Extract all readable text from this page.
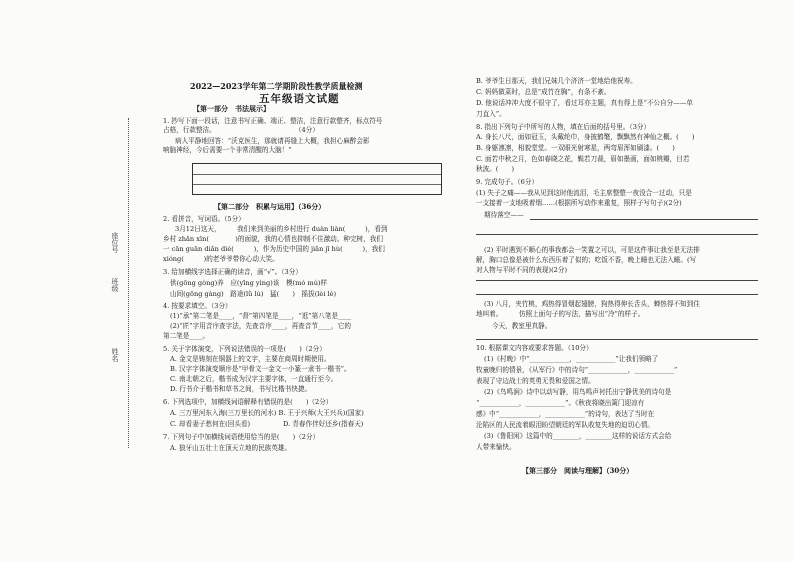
座位号
班级
姓名
2022—2023学年第二学期阶段性教学质量检测
五年级语文试题
【第一部分　书法展示】
1. 抄写下面一段话，注意书写正确、端正、整洁，注意行款整齐，标点符号
占格，行款整洁。　　　　　　　　　　　　　（4分）
病人平静地回答：“沃克医生，那就请再缝上大概，我担心麻醉会影
响脑神经，今后需要一个非常清醒的大脑！”
【第二部分　积累与运用】（36分）
2. 看拼音，写词语。（5分）
3月12日这天，　　　我们来到美丽的乡村进行 duàn liàn(　　　)，看到
乡村 zhǎn xīn(　　　　)的面貌，我的心情也抑制不住激动。种完树，我们
一 cān guān diǎn dié(　　　)，作为历史中国的 jiǎn jī hù(　　　)，我们
xióng(　　　)的老爷爷带你心动大笑。
3. 给加横线字选择正确的读音，画“√”。（3分）
供(gōng gòng)养　应(yīng yìng)该　模(mó mú)样
山间(gōng gàng)　路途(lǜ lù)　猛(　　)　摇拔(lèi lè)
4. 按要求填空。（3分）
(1)“承”第二笔是____，“督”第四笔是____，“逛”第八笔是____
(2)“匠”字用音序查字法，先查音序____，再查音节____，它的
第二笔是____。
5. 关于字体演变，下列说法错误的一项是(　　)（2分）
A. 金文是铸刻在铜器上的文字，主要在商周时期使用。
B. 汉字字体演变顺序是“甲骨文一金文一小篆一隶书一楷书”。
C. 南北朝之后，楷书成为汉字主要字体，一直通行至今。
D. 行书介于楷书和草书之间，书写比楷书快捷。
6. 下列选项中，加横线词语解释有错误的是(　　)（2分）
A. 三万里河东入海(三万里长的河水) B. 王于兴师(大王兴兵)(国家)
C. 却看妻子愁何在(回头看)　　　　　D. 青春作伴好还乡(指春天)
7. 下列句子中加横线词语使用恰当的是(　　)（2分）
A. 狼牙山五壮士在顶天立地的民族英雄。
B. 爷爷生日那天，我们兄妹几个济济一堂地给他祝寿。
C. 妈妈做菜时，总是“成竹在胸”，有条不紊。
D. 他说话冲冲大度不很守了，看过耳亦主题，真有得上是“不公自分——单
刀直入”。
8. 指出下列句子中所写的人物，填在后面的括号里。（3分）
A. 身长八尺，面如冠玉，头戴纶巾，身披鹤氅，飘飘然有神仙之概。(　　)
B. 身躯凛凛，相貌堂堂。一双眼光射寒星，两弯眉浑如刷漆。(　　)
C. 面若中秋之月，色如春晓之花，鬓若刀裁，眉如墨画，面如桃瓣，目若
秋波。(　　)
9. 完成句子。（6分）
(1) 失子之痛——我从见到这时他流泪，毛主席整整一夜没合一过动，只是
一支接着一支地吸着烟……(根据所写动作来重复，照样子写句子)(2分)
期待落空——
(2) 平时遇到不顺心的事我都会一笑置之可以，可是这件事让我至是无法排
解，胸口总像是被什么东西压着了似的；吃饭不香，晚上睡也无法入睡。(写
对人物与平时不同的表现)(2分)
(3) 八月，夹竹桃，鸡热得冒烟起翅膀，狗热得伸长舌头，蝉热得不知到住
地叫着。　　　仿照上面句子的写法，描写出“冷”的样子。
今天，教室里真静。
10. 根据课文内容或要求答题。（10分）
(1)《村晚》中“____________，____________”让我们领略了
牧童晚归的情景，《从军行》中的诗句“____________，____________”
表现了守边战士的英勇无畏和爱国之情。
(2)《鸟鸣涧》诗中以动写静，用鸟鸣声衬托出宁静优美的诗句是
“____________，____________”。《秋夜将晓出篱门迎凉有
感》中“____________，____________”的诗句，表达了当时在
沦陷区的人民流着眼泪盼望朝廷的军队收复失地的迫切心情。
(3)《鲁阳闲》这篇中的________，________这样的说话方式会给
人带来愉快。
【第三部分　阅读与理解】（30分）
